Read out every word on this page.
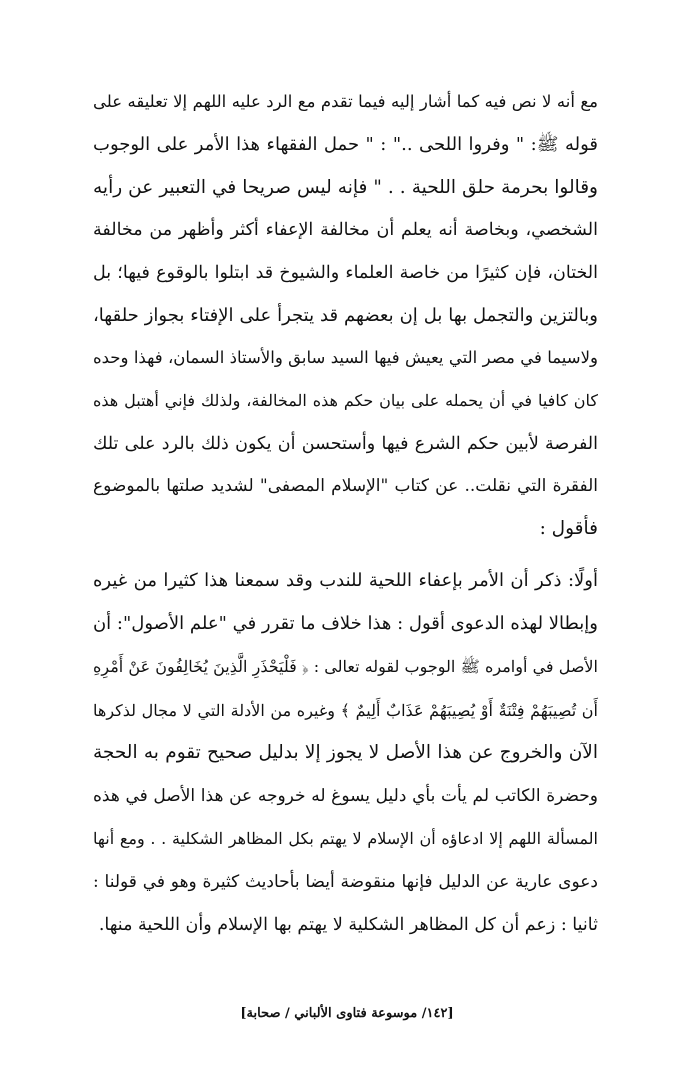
مع أنه لا نص فيه كما أشار إليه فيما تقدم مع الرد عليه اللهم إلا تعليقه على
قوله ﷺ: " وفروا اللحى .." : " حمل الفقهاء هذا الأمر على الوجوب
وقالوا بحرمة حلق اللحية . . " فإنه ليس صريحا في التعبير عن رأيه
الشخصي، وبخاصة أنه يعلم أن مخالفة الإعفاء أكثر وأظهر من مخالفة
الختان، فإن كثيرًا من خاصة العلماء والشيوخ قد ابتلوا بالوقوع فيها؛ بل
وبالتزين والتجمل بها بل إن بعضهم قد يتجرأ على الإفتاء بجواز حلقها،
ولاسيما في مصر التي يعيش فيها السيد سابق والأستاذ السمان، فهذا وحده
كان كافيا في أن يحمله على بيان حكم هذه المخالفة، ولذلك فإني أهتبل هذه
الفرصة لأبين حكم الشرع فيها وأستحسن أن يكون ذلك بالرد على تلك
الفقرة التي نقلت.. عن كتاب "الإسلام المصفى" لشديد صلتها بالموضوع
فأقول :
أولًا: ذكر أن الأمر بإعفاء اللحية للندب وقد سمعنا هذا كثيرا من غيره
وإبطالا لهذه الدعوى أقول : هذا خلاف ما تقرر في "علم الأصول": أن
الأصل في أوامره ﷺ الوجوب لقوله تعالى : ﴿ فَلْيَحْذَرِ الَّذِينَ يُخَالِفُونَ عَنْ أَمْرِهِ
أَن تُصِيبَهُمْ فِتْنَةٌ أَوْ يُصِيبَهُمْ عَذَابٌ أَلِيمٌ ﴾ وغيره من الأدلة التي لا مجال لذكرها
الآن والخروج عن هذا الأصل لا يجوز إلا بدليل صحيح تقوم به الحجة
وحضرة الكاتب لم يأت بأي دليل يسوغ له خروجه عن هذا الأصل في هذه
المسألة اللهم إلا ادعاؤه أن الإسلام لا يهتم بكل المظاهر الشكلية . . ومع أنها
دعوى عارية عن الدليل فإنها منقوضة أيضا بأحاديث كثيرة وهو في قولنا :
ثانيا : زعم أن كل المظاهر الشكلية لا يهتم بها الإسلام وأن اللحية منها.
[١٤٢/ موسوعة فتاوى الألباني / صحابة]
